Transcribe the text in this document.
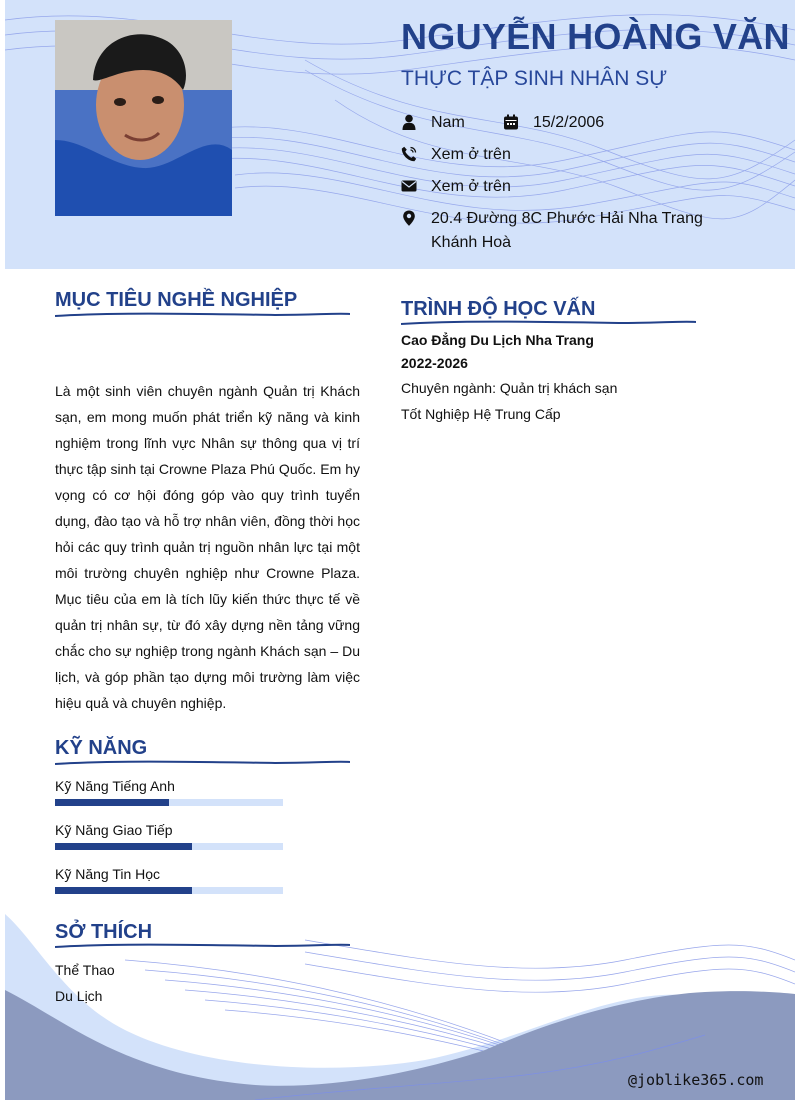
NGUYỄN HOÀNG VĂN
THỰC TẬP SINH NHÂN SỰ
Nam	15/2/2006
Xem ở trên
Xem ở trên
20.4 Đường 8C Phước Hải Nha Trang Khánh Hoà
MỤC TIÊU NGHỀ NGHIỆP
Là một sinh viên chuyên ngành Quản trị Khách sạn, em mong muốn phát triển kỹ năng và kinh nghiệm trong lĩnh vực Nhân sự thông qua vị trí thực tập sinh tại Crowne Plaza Phú Quốc. Em hy vọng có cơ hội đóng góp vào quy trình tuyển dụng, đào tạo và hỗ trợ nhân viên, đồng thời học hỏi các quy trình quản trị nguồn nhân lực tại một môi trường chuyên nghiệp như Crowne Plaza. Mục tiêu của em là tích lũy kiến thức thực tế về quản trị nhân sự, từ đó xây dựng nền tảng vững chắc cho sự nghiệp trong ngành Khách sạn – Du lịch, và góp phần tạo dựng môi trường làm việc hiệu quả và chuyên nghiệp.
KỸ NĂNG
Kỹ Năng Tiếng Anh
Kỹ Năng Giao Tiếp
Kỹ Năng Tin Học
SỞ THÍCH
Thể Thao
Du Lịch
TRÌNH ĐỘ HỌC VẤN
Cao Đẳng Du Lịch Nha Trang
2022-2026
Chuyên ngành: Quản trị khách sạn
Tốt Nghiệp Hệ Trung Cấp
@joblike365.com
